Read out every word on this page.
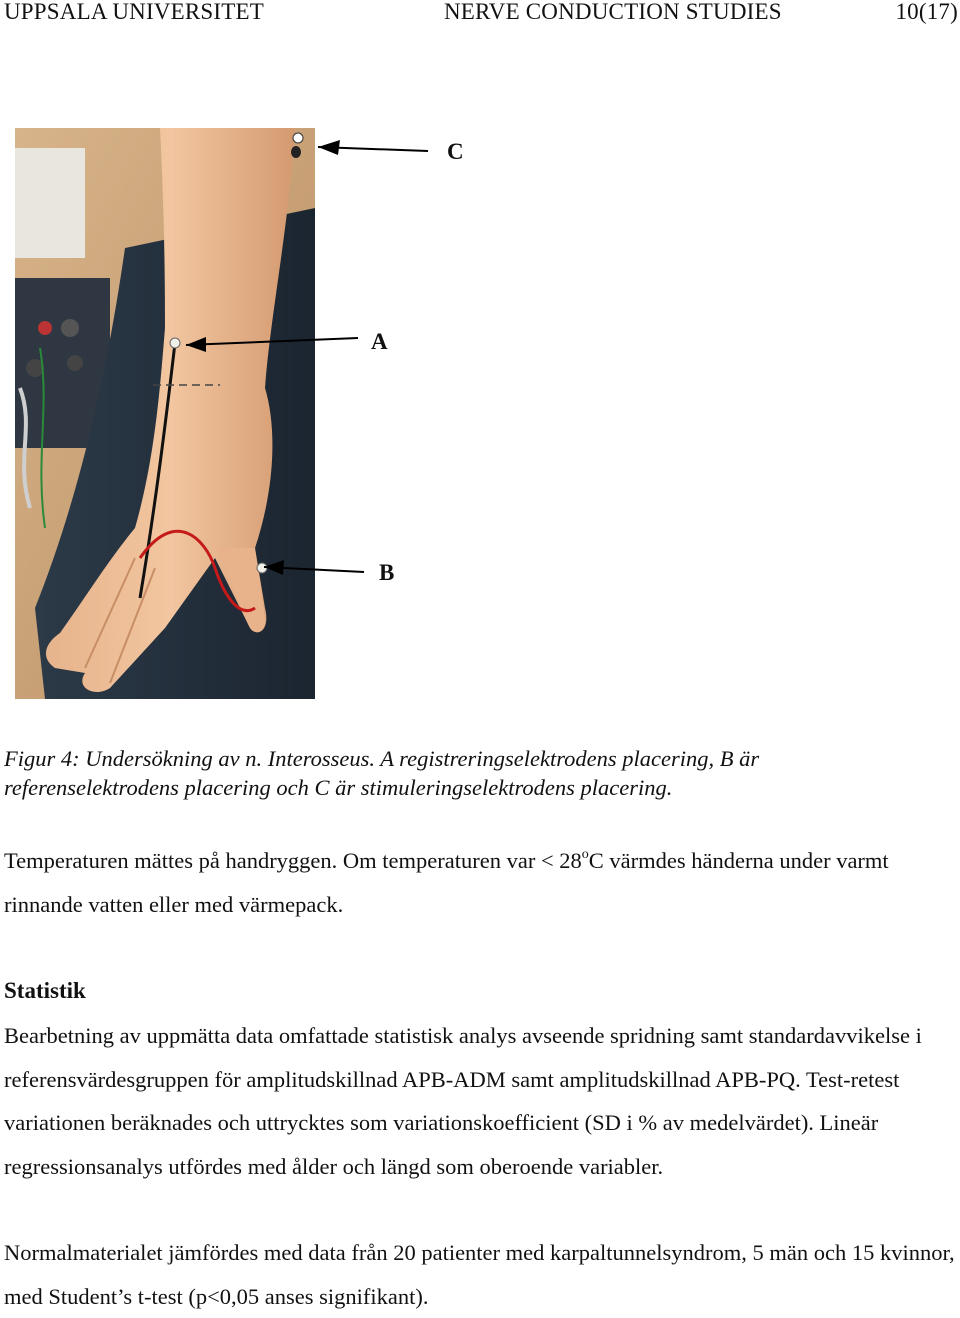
UPPSALA UNIVERSITET	NERVE CONDUCTION STUDIES	10(17)
C
A
B

Figur 4: Undersökning av n. Interosseus. A registreringselektrodens placering, B är
referenselektrodens placering och C är stimuleringselektrodens placering.

Temperaturen mättes på handryggen. Om temperaturen var < $28^oC$ värmdes händerna under varmt rinnande vatten eller med värmepack.

Statistik

Bearbetning av uppmätta data omfattade statistisk analys avseende spridning samt standardavvikelse i referensvärdesgruppen för amplitudskillnad APB-ADM samt amplitudskillnad APB-PQ. Test-retest variationen beräknades och uttrycktes som variationskoefficient (SD i % av medelvärdet). Lineär regressionsanalys utfördes med ålder och längd som oberoende variabler.

Normalmaterialet jämfördes med data från 20 patienter med karpaltunnelsyndrom, 5 män och 15 kvinnor, med Student’s t-test (p<0,05 anses signifikant).
